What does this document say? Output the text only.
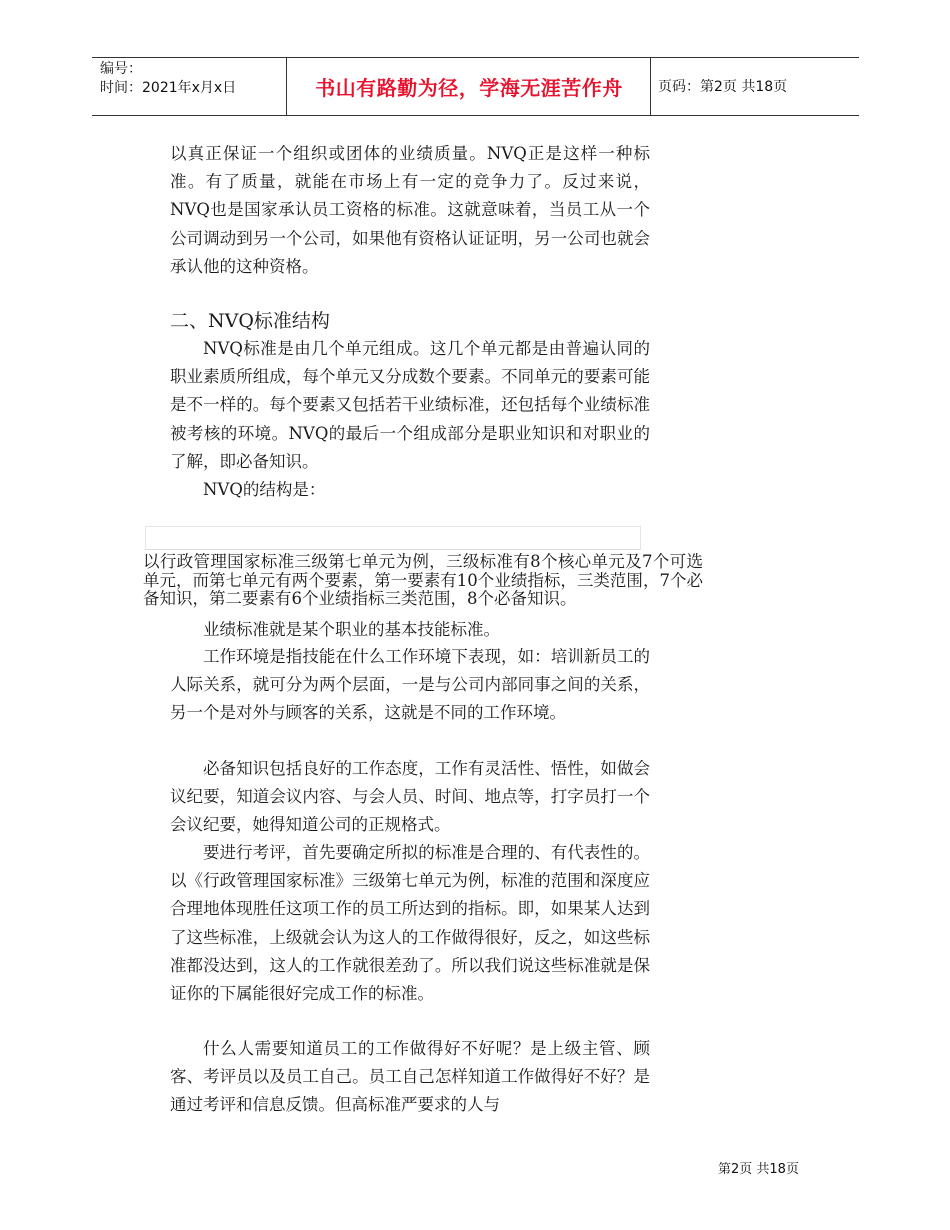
编号：
时间：2021年x月x日	书山有路勤为径，学海无涯苦作舟	页码：第2页 共18页
以真正保证一个组织或团体的业绩质量。NVQ正是这样一种标准。有了质量，就能在市场上有一定的竞争力了。反过来说，NVQ也是国家承认员工资格的标准。这就意味着，当员工从一个公司调动到另一个公司，如果他有资格认证证明，另一公司也就会承认他的这种资格。
二、NVQ标准结构
NVQ标准是由几个单元组成。这几个单元都是由普遍认同的职业素质所组成，每个单元又分成数个要素。不同单元的要素可能是不一样的。每个要素又包括若干业绩标准，还包括每个业绩标准被考核的环境。NVQ的最后一个组成部分是职业知识和对职业的了解，即必备知识。
NVQ的结构是：
以行政管理国家标准三级第七单元为例，三级标准有8个核心单元及7个可选单元，而第七单元有两个要素，第一要素有10个业绩指标，三类范围，7个必备知识，第二要素有6个业绩指标三类范围，8个必备知识。
业绩标准就是某个职业的基本技能标准。
工作环境是指技能在什么工作环境下表现，如：培训新员工的人际关系，就可分为两个层面，一是与公司内部同事之间的关系，另一个是对外与顾客的关系，这就是不同的工作环境。
必备知识包括良好的工作态度，工作有灵活性、悟性，如做会议纪要，知道会议内容、与会人员、时间、地点等，打字员打一个会议纪要，她得知道公司的正规格式。
要进行考评，首先要确定所拟的标准是合理的、有代表性的。以《行政管理国家标准》三级第七单元为例，标准的范围和深度应合理地体现胜任这项工作的员工所达到的指标。即，如果某人达到了这些标准，上级就会认为这人的工作做得很好，反之，如这些标准都没达到，这人的工作就很差劲了。所以我们说这些标准就是保证你的下属能很好完成工作的标准。
什么人需要知道员工的工作做得好不好呢？是上级主管、顾客、考评员以及员工自己。员工自己怎样知道工作做得好不好？是通过考评和信息反馈。但高标准严要求的人与
第2页 共18页
